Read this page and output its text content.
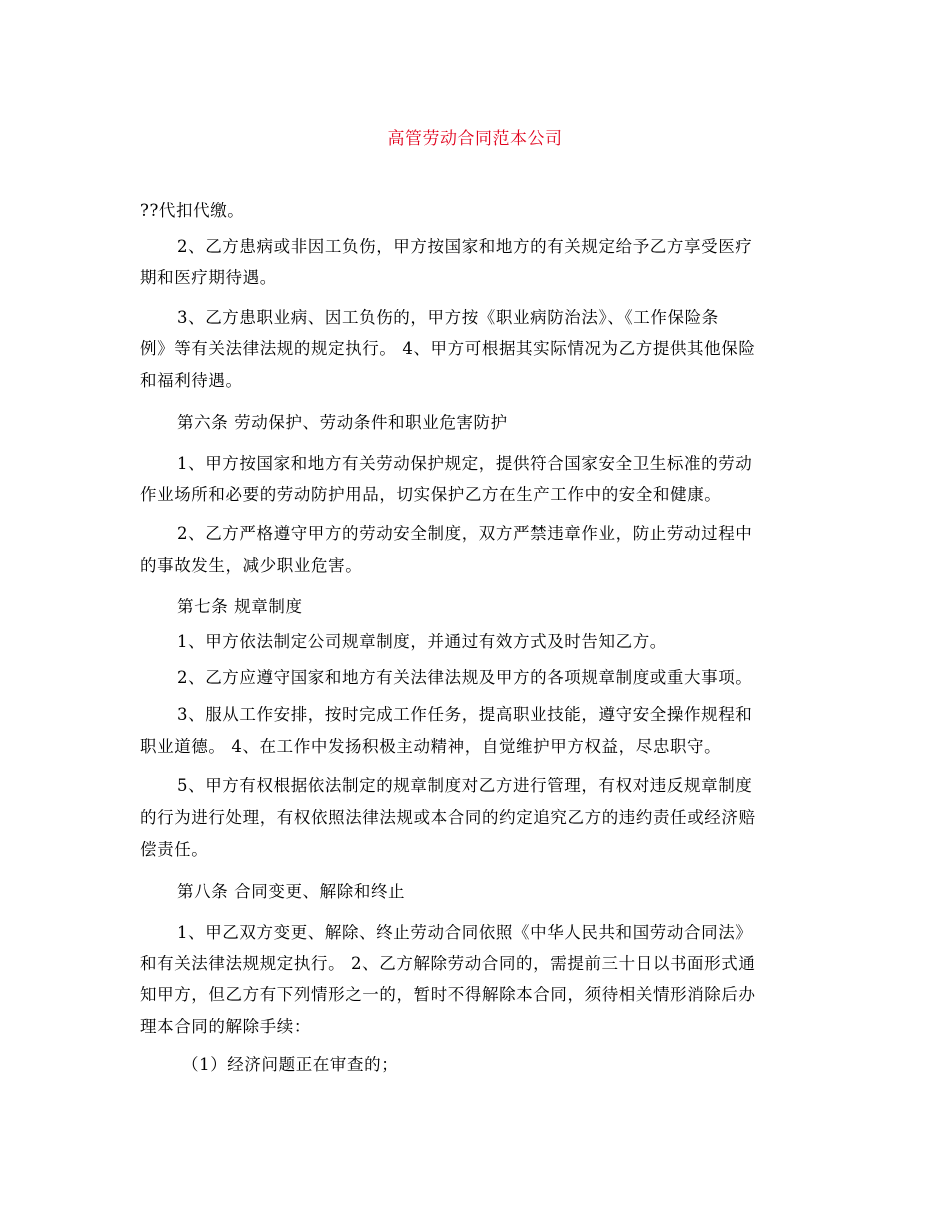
高管劳动合同范本公司
??代扣代缴。
2、乙方患病或非因工负伤，甲方按国家和地方的有关规定给予乙方享受医疗
期和医疗期待遇。
3、乙方患职业病、因工负伤的，甲方按《职业病防治法》、《工作保险条
例》等有关法律法规的规定执行。 4、甲方可根据其实际情况为乙方提供其他保险
和福利待遇。
第六条 劳动保护、劳动条件和职业危害防护
1、甲方按国家和地方有关劳动保护规定，提供符合国家安全卫生标准的劳动
作业场所和必要的劳动防护用品，切实保护乙方在生产工作中的安全和健康。
2、乙方严格遵守甲方的劳动安全制度，双方严禁违章作业，防止劳动过程中
的事故发生，减少职业危害。
第七条 规章制度
1、甲方依法制定公司规章制度，并通过有效方式及时告知乙方。
2、乙方应遵守国家和地方有关法律法规及甲方的各项规章制度或重大事项。
3、服从工作安排，按时完成工作任务，提高职业技能，遵守安全操作规程和
职业道德。 4、在工作中发扬积极主动精神，自觉维护甲方权益，尽忠职守。
5、甲方有权根据依法制定的规章制度对乙方进行管理，有权对违反规章制度
的行为进行处理，有权依照法律法规或本合同的约定追究乙方的违约责任或经济赔
偿责任。
第八条 合同变更、解除和终止
1、甲乙双方变更、解除、终止劳动合同依照《中华人民共和国劳动合同法》
和有关法律法规规定执行。 2、乙方解除劳动合同的，需提前三十日以书面形式通
知甲方，但乙方有下列情形之一的，暂时不得解除本合同，须待相关情形消除后办
理本合同的解除手续：
（1）经济问题正在审查的；
